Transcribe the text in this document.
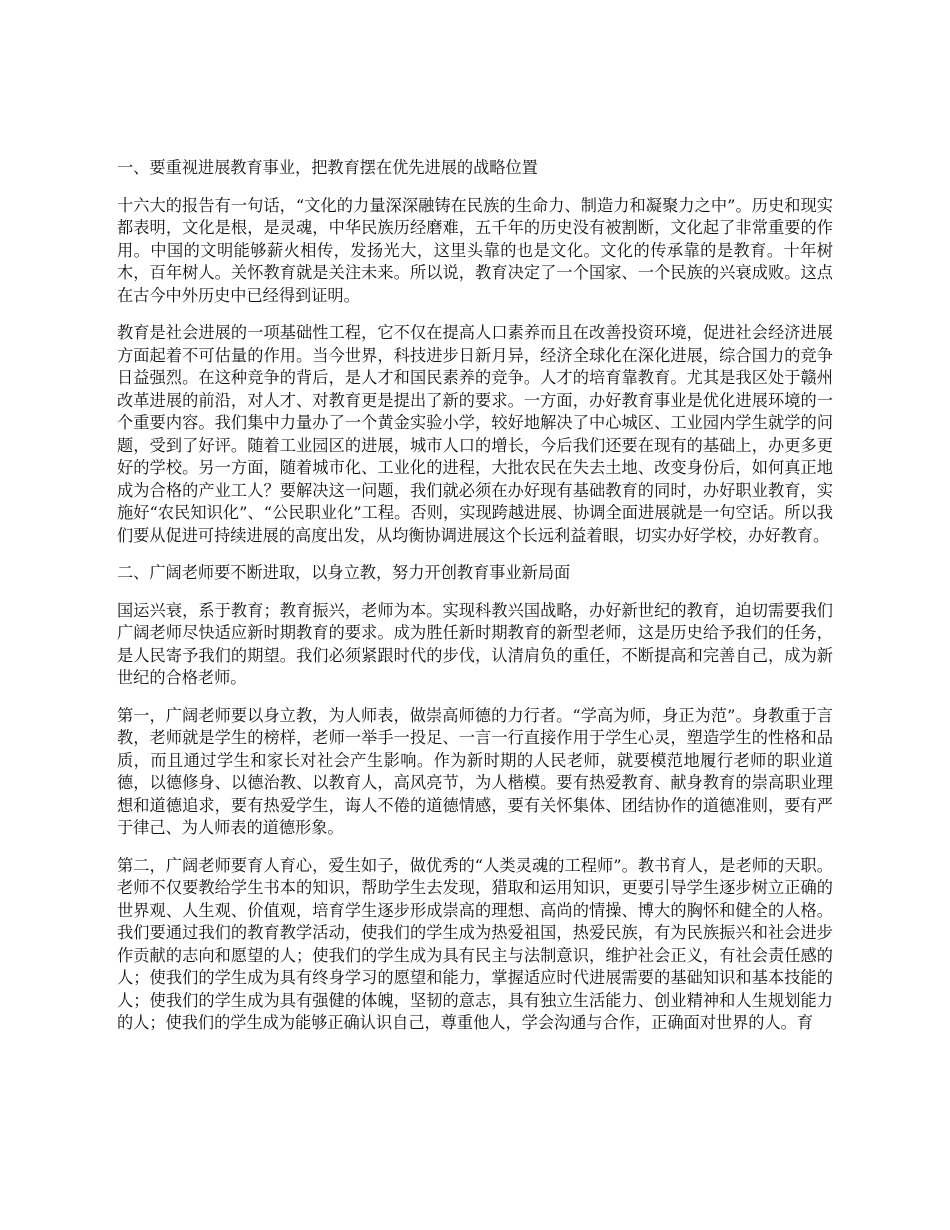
一、要重视进展教育事业，把教育摆在优先进展的战略位置

十六大的报告有一句话，“文化的力量深深融铸在民族的生命力、制造力和凝聚力之中”。历史和现实都表明，文化是根，是灵魂，中华民族历经磨难，五千年的历史没有被割断，文化起了非常重要的作用。中国的文明能够薪火相传，发扬光大，这里头靠的也是文化。文化的传承靠的是教育。十年树木，百年树人。关怀教育就是关注未来。所以说，教育决定了一个国家、一个民族的兴衰成败。这点在古今中外历史中已经得到证明。

教育是社会进展的一项基础性工程，它不仅在提高人口素养而且在改善投资环境，促进社会经济进展方面起着不可估量的作用。当今世界，科技进步日新月异，经济全球化在深化进展，综合国力的竞争日益强烈。在这种竞争的背后，是人才和国民素养的竞争。人才的培育靠教育。尤其是我区处于赣州改革进展的前沿，对人才、对教育更是提出了新的要求。一方面，办好教育事业是优化进展环境的一个重要内容。我们集中力量办了一个黄金实验小学，较好地解决了中心城区、工业园内学生就学的问题，受到了好评。随着工业园区的进展，城市人口的增长，今后我们还要在现有的基础上，办更多更好的学校。另一方面，随着城市化、工业化的进程，大批农民在失去土地、改变身份后，如何真正地成为合格的产业工人？要解决这一问题，我们就必须在办好现有基础教育的同时，办好职业教育，实施好“农民知识化”、“公民职业化”工程。否则，实现跨越进展、协调全面进展就是一句空话。所以我们要从促进可持续进展的高度出发，从均衡协调进展这个长远利益着眼，切实办好学校，办好教育。

二、广阔老师要不断进取，以身立教，努力开创教育事业新局面

国运兴衰，系于教育；教育振兴，老师为本。实现科教兴国战略，办好新世纪的教育，迫切需要我们广阔老师尽快适应新时期教育的要求。成为胜任新时期教育的新型老师，这是历史给予我们的任务，是人民寄予我们的期望。我们必须紧跟时代的步伐，认清肩负的重任，不断提高和完善自己，成为新世纪的合格老师。

第一，广阔老师要以身立教，为人师表，做崇高师德的力行者。“学高为师，身正为范”。身教重于言教，老师就是学生的榜样，老师一举手一投足、一言一行直接作用于学生心灵，塑造学生的性格和品质，而且通过学生和家长对社会产生影响。作为新时期的人民老师，就要模范地履行老师的职业道德，以德修身、以德治教、以教育人，高风亮节，为人楷模。要有热爱教育、献身教育的崇高职业理想和道德追求，要有热爱学生，诲人不倦的道德情感，要有关怀集体、团结协作的道德准则，要有严于律己、为人师表的道德形象。

第二，广阔老师要育人育心，爱生如子，做优秀的“人类灵魂的工程师”。教书育人，是老师的天职。老师不仅要教给学生书本的知识，帮助学生去发现，猎取和运用知识，更要引导学生逐步树立正确的世界观、人生观、价值观，培育学生逐步形成崇高的理想、高尚的情操、博大的胸怀和健全的人格。我们要通过我们的教育教学活动，使我们的学生成为热爱祖国，热爱民族，有为民族振兴和社会进步作贡献的志向和愿望的人；使我们的学生成为具有民主与法制意识，维护社会正义，有社会责任感的人；使我们的学生成为具有终身学习的愿望和能力，掌握适应时代进展需要的基础知识和基本技能的人；使我们的学生成为具有强健的体魄，坚韧的意志，具有独立生活能力、创业精神和人生规划能力的人；使我们的学生成为能够正确认识自己，尊重他人，学会沟通与合作，正确面对世界的人。育
